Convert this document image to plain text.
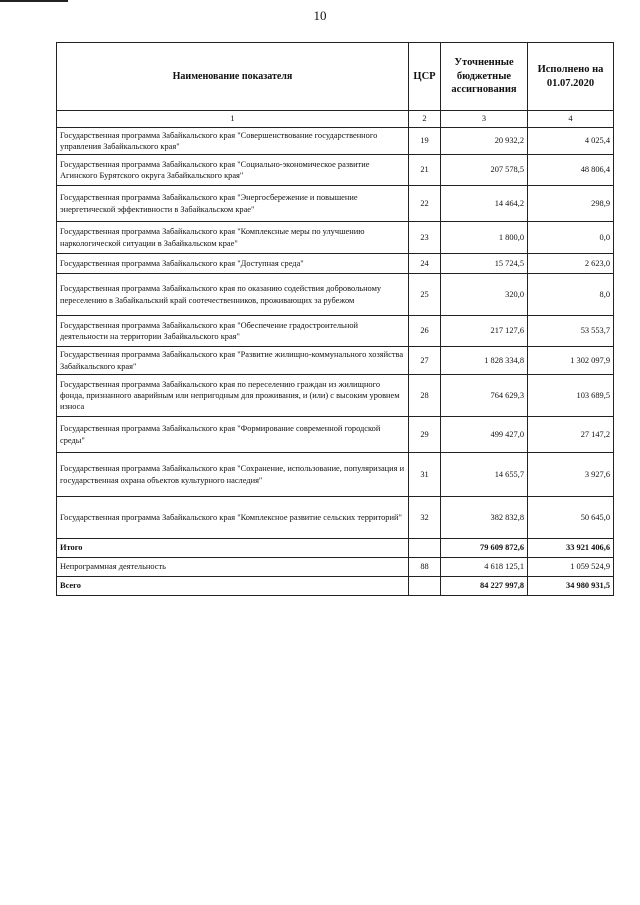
10
Наименование показателя	ЦСР	Уточненные бюджетные ассигнования	Исполнено на 01.07.2020
1	2	3	4
Государственная программа Забайкальского края "Совершенствование государственного управления Забайкальского края"	19	20 932,2	4 025,4
Государственная программа Забайкальского края "Социально-экономическое развитие Агинского Бурятского округа Забайкальского края"	21	207 578,5	48 806,4
Государственная программа Забайкальского края "Энергосбережение и повышение энергетической эффективности в Забайкальском крае"	22	14 464,2	298,9
Государственная программа Забайкальского края "Комплексные меры по улучшению наркологической ситуации в Забайкальском крае"	23	1 800,0	0,0
Государственная программа Забайкальского края "Доступная среда"	24	15 724,5	2 623,0
Государственная программа Забайкальского края по оказанию содействия добровольному переселению в Забайкальский край соотечественников, проживающих за рубежом	25	320,0	8,0
Государственная программа Забайкальского края "Обеспечение градостроительной деятельности на территории Забайкальского края"	26	217 127,6	53 553,7
Государственная программа Забайкальского края "Развитие жилищно-коммунального хозяйства Забайкальского края"	27	1 828 334,8	1 302 097,9
Государственная программа Забайкальского края по переселению граждан из жилищного фонда, признанного аварийным или непригодным для проживания, и (или) с высоким уровнем износа	28	764 629,3	103 689,5
Государственная программа Забайкальского края "Формирование современной городской среды"	29	499 427,0	27 147,2
Государственная программа Забайкальского края "Сохранение, использование, популяризация и государственная охрана объектов культурного наследия"	31	14 655,7	3 927,6
Государственная программа Забайкальского края "Комплексное развитие сельских территорий"	32	382 832,8	50 645,0
Итого		79 609 872,6	33 921 406,6
Непрограммная деятельность	88	4 618 125,1	1 059 524,9
Всего		84 227 997,8	34 980 931,5
